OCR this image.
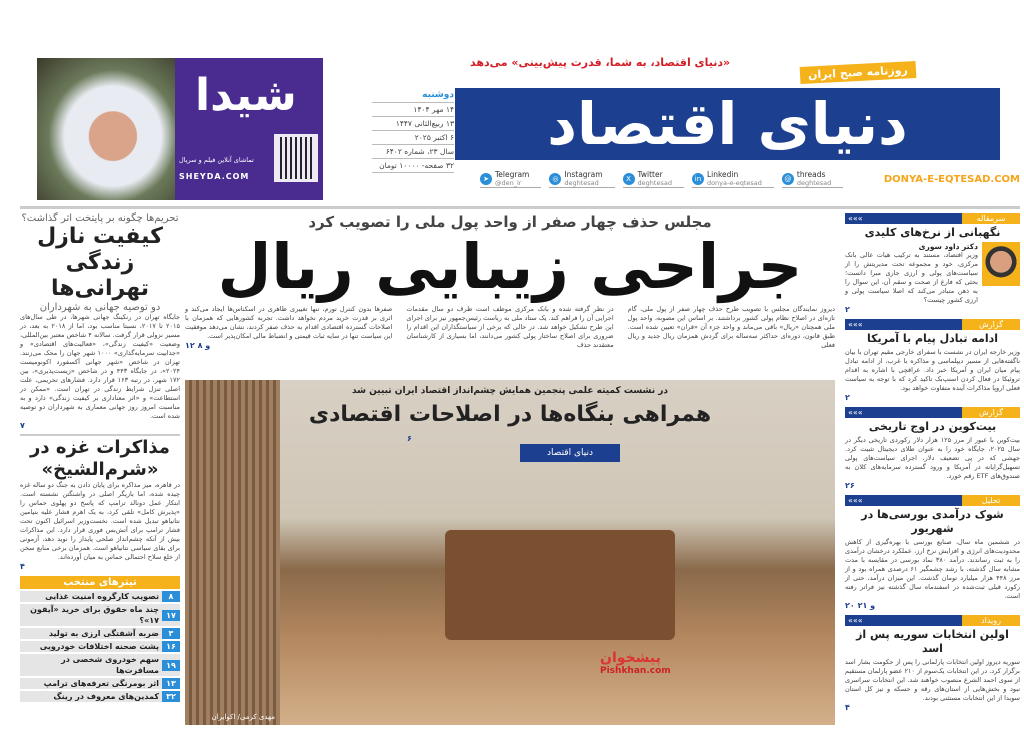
شیدا
تماشای آنلاین فیلم و سریال
SHEYDA.COM
«دنیای اقتصاد، به شما، قدرت پیش‌بینی» می‌دهد
دنیای اقتصاد
روزنامه صبح ایران
دوشنبه
۱۴ مهر ۱۴۰۴
۱۳ ربیع‌الثانی ۱۴۴۷
۶ اکتبر ۲۰۲۵
سال ۲۳، شماره ۶۴۰۲
۳۲ صفحه- ۱۰۰۰۰ تومان
➤ Telegram
@den_ir
◎ Instagram
deghtesad
X Twitter
deghtesad
in Linkedin
donya-e-eqtesad
@ threads
deghtesad	DONYA-E-EQTESAD.COM
تحریم‌ها چگونه بر پایتخت اثر گذاشت؟
کیفیت نازل زندگی تهرانی‌ها
دو توصیه جهانی به شهرداران
جایگاه تهران در رنکینگ جهانی شهرها، در طی سال‌های ۲۰۱۵ تا ۲۰۱۷، نسبتا مناسب بود، اما از ۲۰۱۸ به بعد، در مسیر نزولی قرار گرفت. سالانه ۴ شاخص معتبر بین‌المللی، وضعیت «کیفیت زندگی»، «فعالیت‌های اقتصادی» و «جذابیت سرمایه‌گذاری» ۱۰۰۰ شهر جهان را محک می‌زنند. تهران در شاخص «شهر جهانی آکسفورد اکونومیست ۲۰۲۴»، در جایگاه ۴۴۳ و در شاخص «زیست‌پذیری»، بین ۱۷۲ شهر، در رتبه ۱۶۳ قرار دارد. فشارهای تحریمی، علت اصلی تنزل شرایط زندگی در تهران است. «ممکن در استطاعت» و «اثر معناداری بر کیفیت زندگی» دارد و به مناسبت امروز روز جهانی معماری به شهرداران دو توصیه شده است.
۷
مذاکرات غزه در «شرم‌الشیخ»
در قاهره، میز مذاکره برای پایان دادن به جنگ دو ساله غزه چیده شده، اما بازیگر اصلی در واشنگتن نشسته است. ابتکار عمل دونالد ترامپ که پاسخ دو پهلوی حماس را «پذیرش کامل» تلقی کرد، به یک اهرم فشار علیه بنیامین نتانیاهو تبدیل شده است. نخست‌وزیر اسرائیل اکنون تحت فشار ترامپ برای آتش‌بس فوری قرار دارد. این مذاکرات بیش از آنکه چشم‌انداز صلحی پایدار را نوید دهد، آزمونی برای بقای سیاسی نتانیاهو است. همزمان برخی منابع سخن از خلع سلاح احتمالی حماس به میان آورده‌اند.
۴
تیترهای منتخب
۸
تصویب کارگروه امنیت غذایی
۱۷
چند ماه حقوق برای خرید «آیفون ۱۷»؟
۳
ضربه آشفتگی ارزی به تولید
۱۶
پشت صحنه اختلافات خودرویی
۱۹
سهم خودروی شخصی در مسافرت‌ها
۱۳
اثر بومرنگی تعرفه‌های ترامپ
۳۲
کمدین‌های معروف در رینگ
مجلس حذف چهار صفر از واحد پول ملی را تصویب کرد
جراحی زیبایی ریال
دیروز نمایندگان مجلس با تصویب طرح حذف چهار صفر از پول ملی، گام تازه‌ای در اصلاح نظام پولی کشور برداشتند. بر اساس این مصوبه، واحد پول ملی همچنان «ریال» باقی می‌ماند و واحد جزء آن «قران» تعیین شده است. طبق قانون، دوره‌ای حداکثر سه‌ساله برای گردش همزمان ریال جدید و ریال فعلی
در نظر گرفته شده و بانک مرکزی موظف است ظرف دو سال مقدمات اجرایی آن را فراهم کند. یک ستاد ملی به ریاست رئیس‌جمهور نیز برای اجرای این طرح تشکیل خواهد شد. در حالی که برخی از سیاستگذاران این اقدام را ضروری برای اصلاح ساختار پولی کشور می‌دانند، اما بسیاری از کارشناسان معتقدند حذف
صفرها بدون کنترل تورم، تنها تغییری ظاهری در اسکناس‌ها ایجاد می‌کند و اثری بر قدرت خرید مردم نخواهد داشت. تجربه کشورهایی که همزمان با اصلاحات گسترده اقتصادی اقدام به حذف صفر کردند، نشان می‌دهد موفقیت این سیاست تنها در سایه ثبات قیمتی و انضباط مالی امکان‌پذیر است.
۱۲ و ۸
در نشست کمیته علمی پنجمین همایش چشم‌انداز اقتصاد ایران تبیین شد
همراهی بنگاه‌ها در اصلاحات اقتصادی
۶
دنیای اقتصاد
پیشخوان
Pishkhan.com
مهدی کرمی/ اکوایران
سرمقاله
«««
نگهبانی از نرخ‌های کلیدی
دکتر داود سوری
وزیر اقتصاد، مستند به ترکیب هیات عالی بانک مرکزی، خود و مجموعه تحت مدیریتش را از سیاست‌های پولی و ارزی جاری مبرا دانست؛ بحثی که فارغ از صحت و سقم آن، این سوال را به ذهن متبادر می‌کند که اصلا سیاست پولی و ارزی کشور چیست؟
۲
گزارش
«««
ادامه تبادل پیام با آمریکا
وزیر خارجه ایران در نشست با سفرای خارجی مقیم تهران با بیان ناگفته‌هایی از مسیر دیپلماسی و مذاکره با غرب، از ادامه تبادل پیام میان ایران و آمریکا خبر داد. عراقچی با اشاره به اقدام تروئیکا در فعال کردن اسنپ‌بک تاکید کرد که با توجه به سیاست فعلی اروپا مذاکرات آینده متفاوت خواهد بود.
۲
گزارش
«««
بیت‌کوین در اوج تاریخی
بیت‌کوین با عبور از مرز ۱۲۵ هزار دلار رکوردی تاریخی دیگر در سال ۲۰۲۵، جایگاه خود را به عنوان طلای دیجیتال تثبیت کرد. جهشی که در پی تضعیف دلار، اجرای سیاست‌های پولی تسهیل‌گرایانه در آمریکا و ورود گسترده سرمایه‌های کلان به صندوق‌های ETF رقم خورد.
۲۶
تحلیل
«««
شوک درآمدی بورسی‌ها در شهریور
در ششمین ماه سال، صنایع بورسی با بهره‌گیری از کاهش محدودیت‌های انرژی و افزایش نرخ ارز، عملکرد درخشان درآمدی را به ثبت رساندند. درآمد ۳۸۰ نماد بورسی در مقایسه با مدت مشابه سال گذشته، با رشد چشمگیر ۶۱ درصدی همراه بود و از مرز ۴۴۸ هزار میلیارد تومان گذشت. این میزان درآمد، حتی از رکورد قبلی ثبت‌شده در اسفندماه سال گذشته نیز فراتر رفته است.
۲۰ و ۲۱
رویداد
«««
اولین انتخابات سوریه پس از اسد
سوریه دیروز اولین انتخابات پارلمانی را پس از حکومت بشار اسد برگزار کرد. در این انتخابات یک‌سوم از ۲۱۰ عضو پارلمان مستقیم از سوی احمد الشرع منصوب خواهند شد. این انتخابات سراسری نبود و بخش‌هایی از استان‌های رقه و حسکه و نیز کل استان سویدا از این انتخابات مستثنی بودند.
۴
